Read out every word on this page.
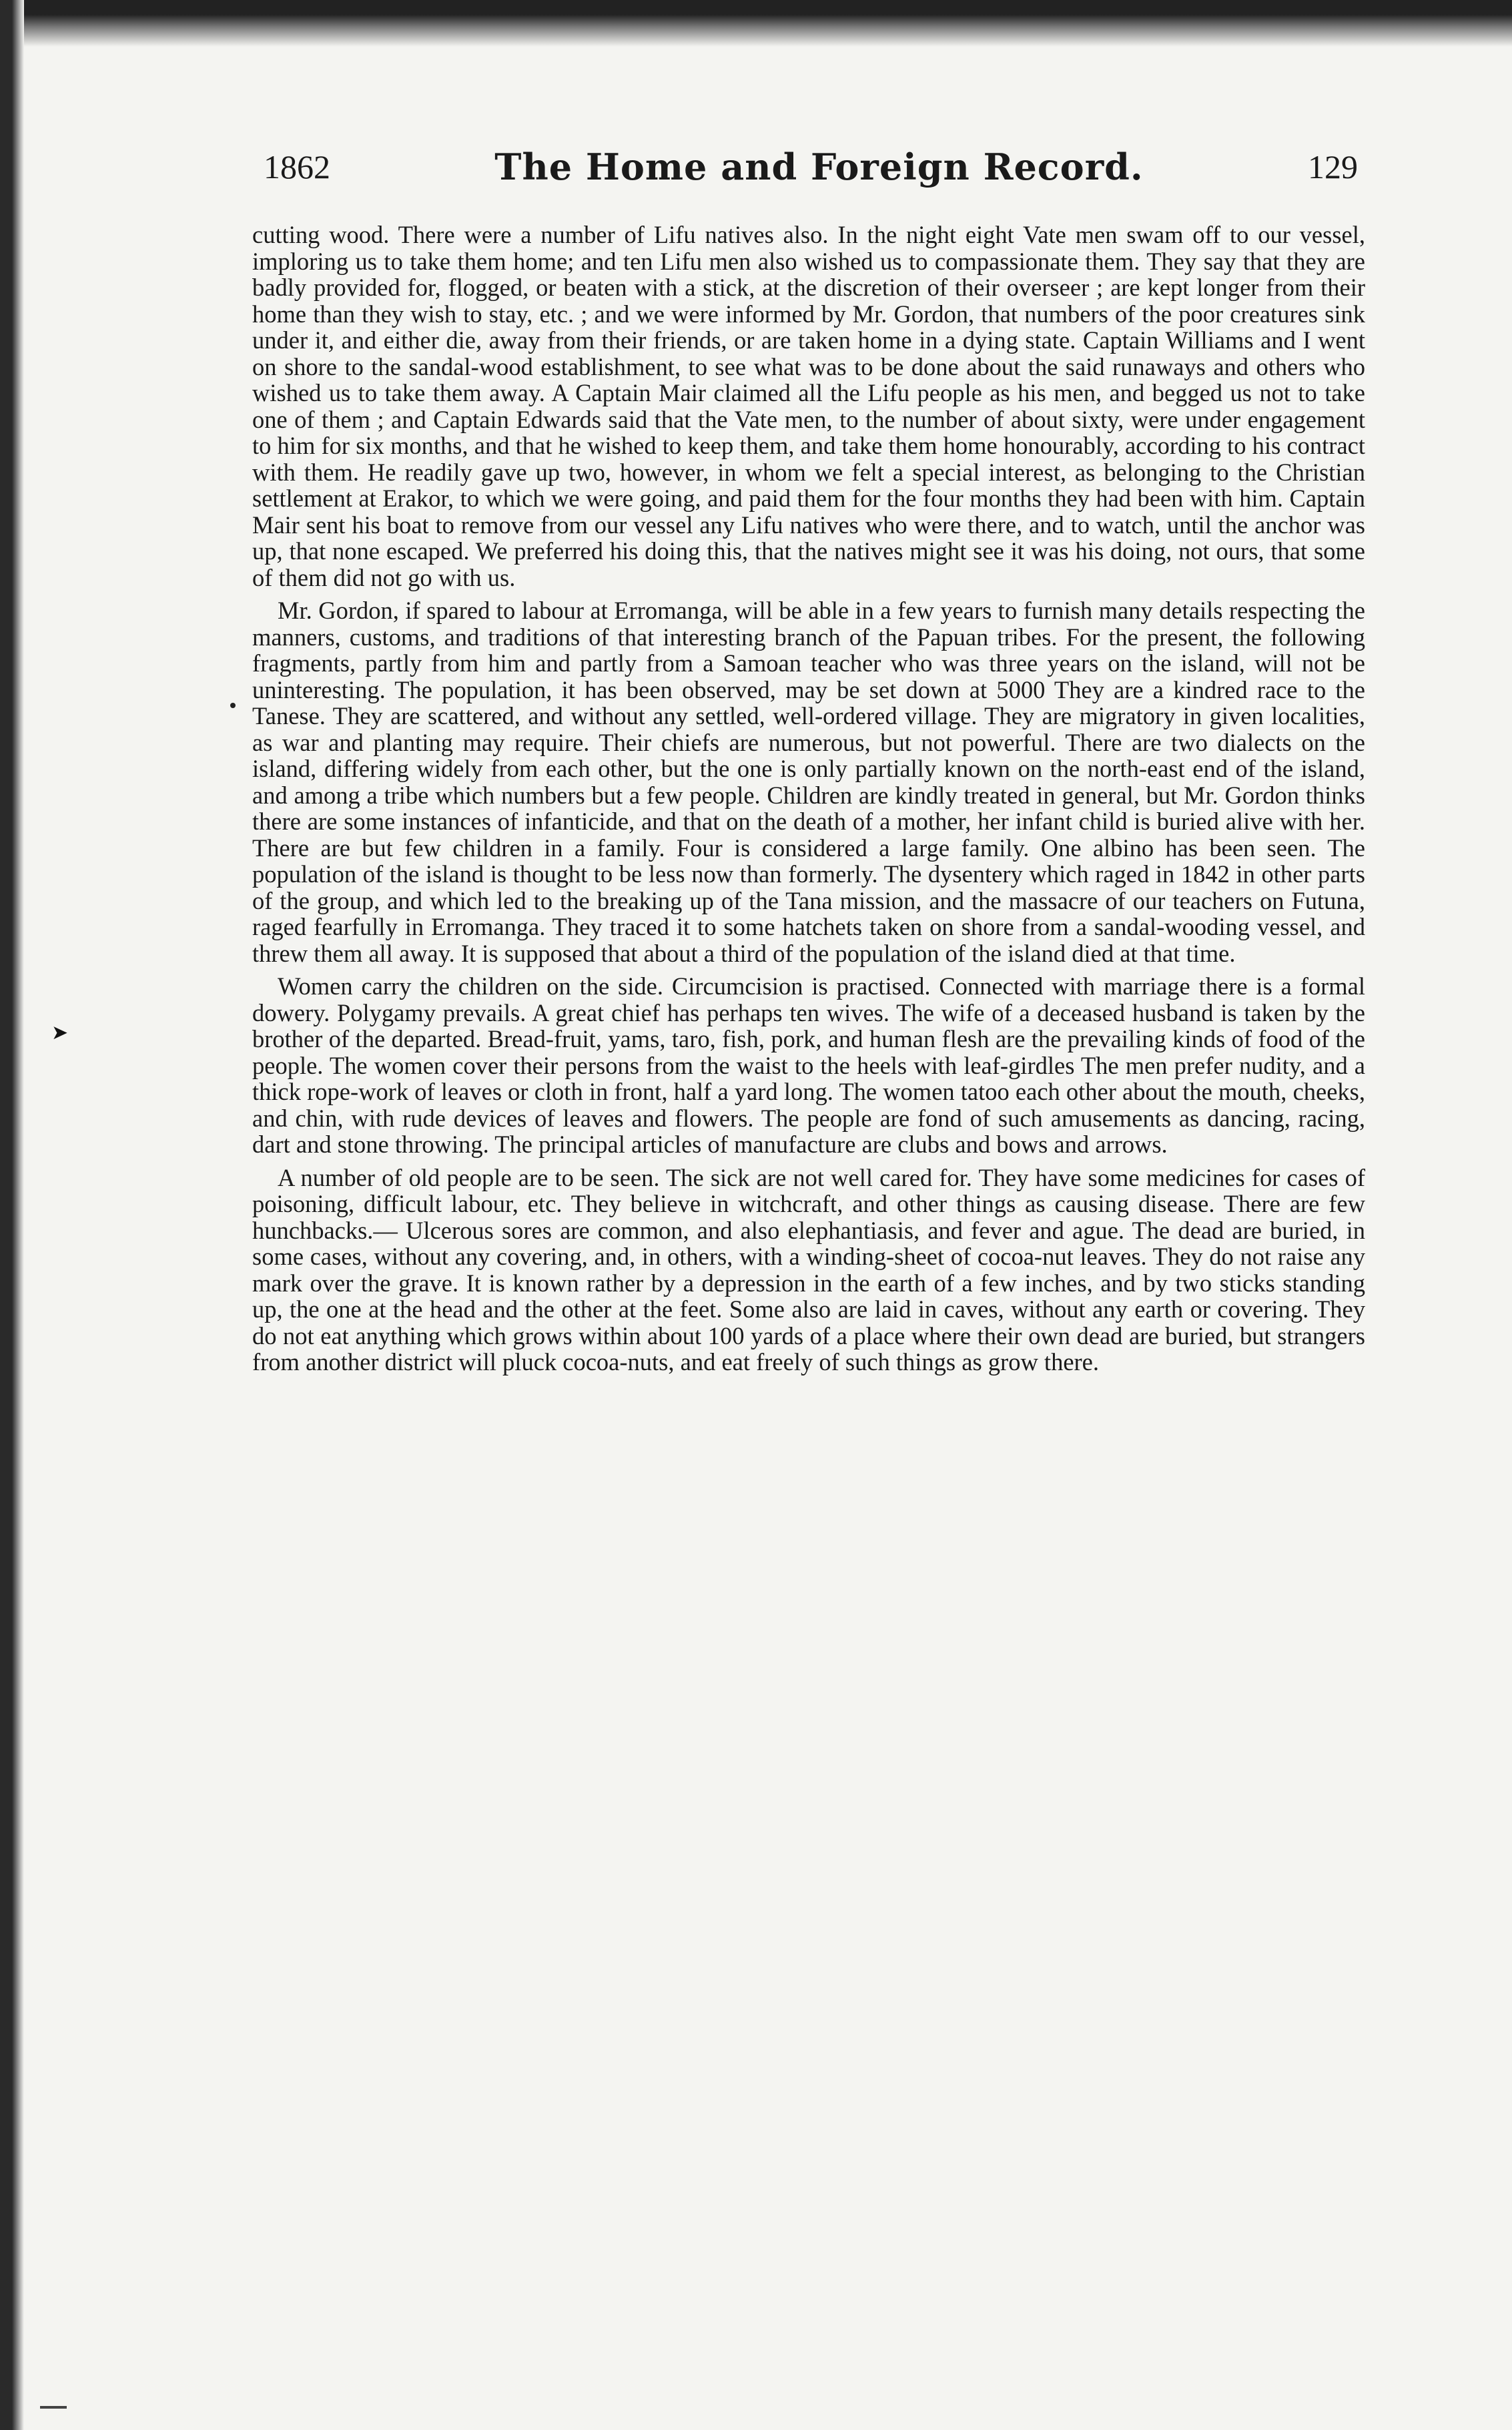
1862	The Home and Foreign Record.	129

cutting wood. There were a number of Lifu natives also. In the night eight Vate men swam off to our vessel, imploring us to take them home; and ten Lifu men also wished us to compassionate them. They say that they are badly provided for, flogged, or beaten with a stick, at the discretion of their overseer ; are kept longer from their home than they wish to stay, etc. ; and we were informed by Mr. Gordon, that numbers of the poor creatures sink under it, and either die, away from their friends, or are taken home in a dying state. Captain Williams and I went on shore to the sandal-wood establishment, to see what was to be done about the said runaways and others who wished us to take them away. A Captain Mair claimed all the Lifu people as his men, and begged us not to take one of them ; and Captain Edwards said that the Vate men, to the number of about sixty, were under engagement to him for six months, and that he wished to keep them, and take them home honourably, according to his contract with them. He readily gave up two, however, in whom we felt a special interest, as belonging to the Christian settlement at Erakor, to which we were going, and paid them for the four months they had been with him. Captain Mair sent his boat to remove from our vessel any Lifu natives who were there, and to watch, until the anchor was up, that none escaped. We preferred his doing this, that the natives might see it was his doing, not ours, that some of them did not go with us.

Mr. Gordon, if spared to labour at Erromanga, will be able in a few years to furnish many details respecting the manners, customs, and traditions of that interesting branch of the Papuan tribes. For the present, the following fragments, partly from him and partly from a Samoan teacher who was three years on the island, will not be uninteresting. The population, it has been observed, may be set down at 5000 They are a kindred race to the Tanese. They are scattered, and without any settled, well-ordered village. They are migratory in given localities, as war and planting may require. Their chiefs are numerous, but not powerful. There are two dialects on the island, differing widely from each other, but the one is only partially known on the north-east end of the island, and among a tribe which numbers but a few people. Children are kindly treated in general, but Mr. Gordon thinks there are some instances of infanticide, and that on the death of a mother, her infant child is buried alive with her. There are but few children in a family. Four is considered a large family. One albino has been seen. The population of the island is thought to be less now than formerly. The dysentery which raged in 1842 in other parts of the group, and which led to the breaking up of the Tana mission, and the massacre of our teachers on Futuna, raged fearfully in Erromanga. They traced it to some hatchets taken on shore from a sandal-wooding vessel, and threw them all away. It is supposed that about a third of the population of the island died at that time.

Women carry the children on the side. Circumcision is practised. Connected with marriage there is a formal dowery. Polygamy prevails. A great chief has perhaps ten wives. The wife of a deceased husband is taken by the brother of the departed. Bread-fruit, yams, taro, fish, pork, and human flesh are the prevailing kinds of food of the people. The women cover their persons from the waist to the heels with leaf-girdles The men prefer nudity, and a thick rope-work of leaves or cloth in front, half a yard long. The women tatoo each other about the mouth, cheeks, and chin, with rude devices of leaves and flowers. The people are fond of such amusements as dancing, racing, dart and stone throwing. The principal articles of manufacture are clubs and bows and arrows.

A number of old people are to be seen. The sick are not well cared for. They have some medicines for cases of poisoning, difficult labour, etc. They believe in witchcraft, and other things as causing disease. There are few hunchbacks.— Ulcerous sores are common, and also elephantiasis, and fever and ague. The dead are buried, in some cases, without any covering, and, in others, with a winding-sheet of cocoa-nut leaves. They do not raise any mark over the grave. It is known rather by a depression in the earth of a few inches, and by two sticks standing up, the one at the head and the other at the feet. Some also are laid in caves, without any earth or covering. They do not eat anything which grows within about 100 yards of a place where their own dead are buried, but strangers from another district will pluck cocoa-nuts, and eat freely of such things as grow there.

➤
